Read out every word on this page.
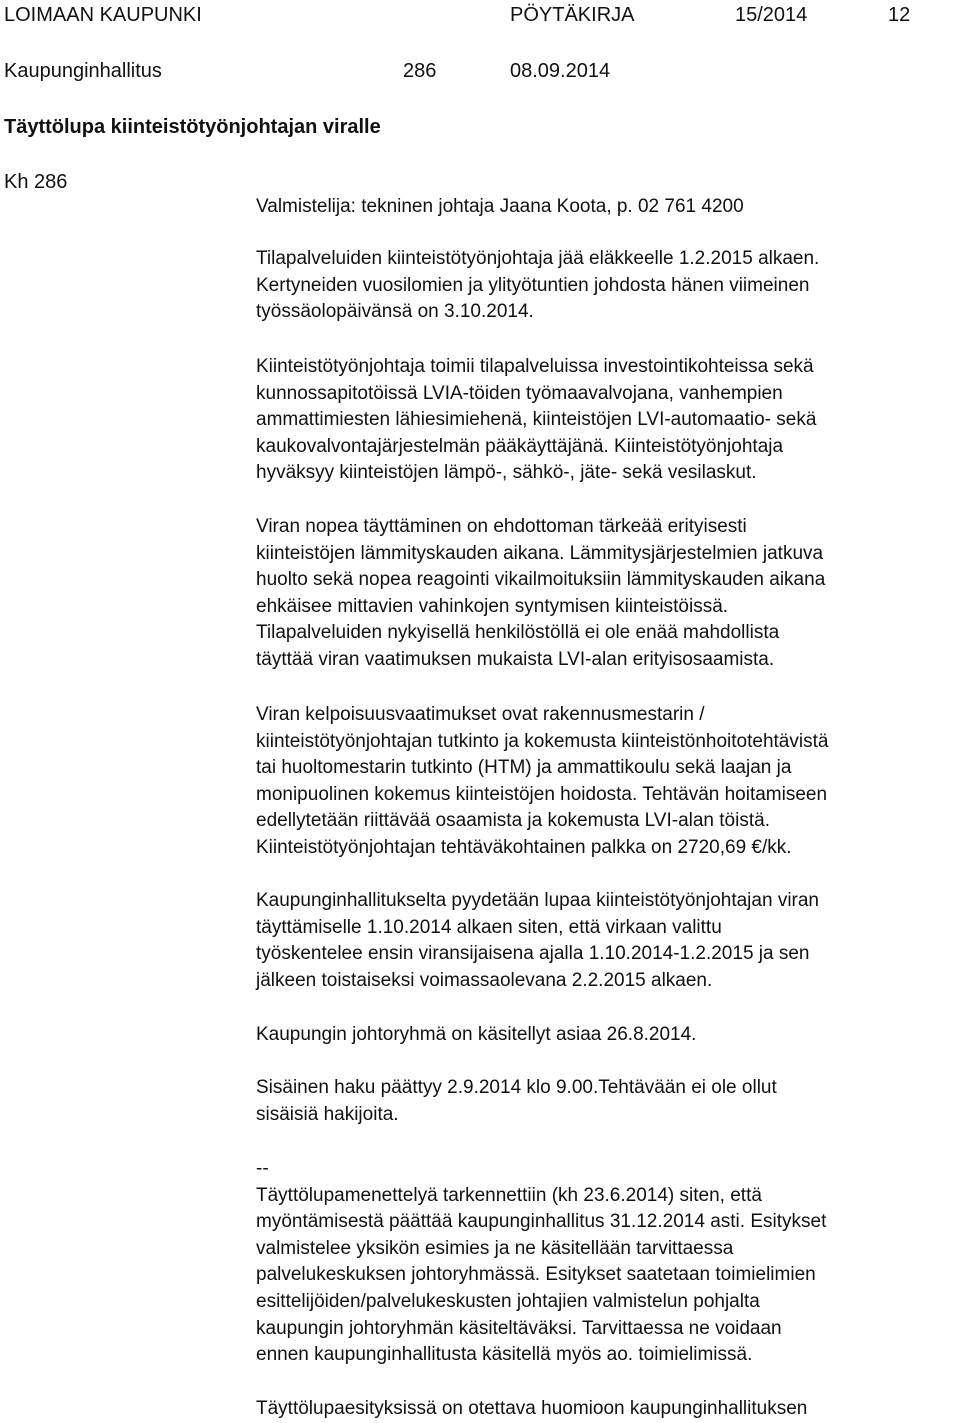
LOIMAAN KAUPUNKI	PÖYTÄKIRJA	15/2014	12
Kaupunginhallitus	286	08.09.2014
Täyttölupa kiinteistötyönjohtajan viralle
Kh 286
Valmistelija: tekninen johtaja Jaana Koota, p. 02 761 4200
Tilapalveluiden kiinteistötyönjohtaja jää eläkkeelle 1.2.2015 alkaen.
Kertyneiden vuosilomien ja ylityötuntien johdosta hänen viimeinen
työssäolopäivänsä on 3.10.2014.
Kiinteistötyönjohtaja toimii tilapalveluissa investointikohteissa sekä
kunnossapitotöissä LVIA-töiden työmaavalvojana, vanhempien
ammattimiesten lähiesimiehenä, kiinteistöjen LVI-automaatio- sekä
kaukovalvontajärjestelmän pääkäyttäjänä. Kiinteistötyönjohtaja
hyväksyy kiinteistöjen lämpö-, sähkö-, jäte- sekä vesilaskut.
Viran nopea täyttäminen on ehdottoman tärkeää erityisesti
kiinteistöjen lämmityskauden aikana. Lämmitysjärjestelmien jatkuva
huolto sekä nopea reagointi vikailmoituksiin lämmityskauden aikana
ehkäisee mittavien vahinkojen syntymisen kiinteistöissä.
Tilapalveluiden nykyisellä henkilöstöllä ei ole enää mahdollista
täyttää viran vaatimuksen mukaista LVI-alan erityisosaamista.
Viran kelpoisuusvaatimukset ovat rakennusmestarin /
kiinteistötyönjohtajan tutkinto ja kokemusta kiinteistönhoitotehtävistä
tai huoltomestarin tutkinto (HTM) ja ammattikoulu sekä laajan ja
monipuolinen kokemus kiinteistöjen hoidosta. Tehtävän hoitamiseen
edellytetään riittävää osaamista ja kokemusta LVI-alan töistä.
Kiinteistötyönjohtajan tehtäväkohtainen palkka on 2720,69 €/kk.
Kaupunginhallitukselta pyydetään lupaa kiinteistötyönjohtajan viran
täyttämiselle 1.10.2014 alkaen siten, että virkaan valittu
työskentelee ensin viransijaisena ajalla 1.10.2014-1.2.2015 ja sen
jälkeen toistaiseksi voimassaolevana 2.2.2015 alkaen.
Kaupungin johtoryhmä on käsitellyt asiaa 26.8.2014.
Sisäinen haku päättyy 2.9.2014 klo 9.00.Tehtävään ei ole ollut
sisäisiä hakijoita.
--
Täyttölupamenettelyä tarkennettiin (kh 23.6.2014) siten, että
myöntämisestä päättää kaupunginhallitus 31.12.2014 asti. Esitykset
valmistelee yksikön esimies ja ne käsitellään tarvittaessa
palvelukeskuksen johtoryhmässä. Esitykset saatetaan toimielimien
esittelijöiden/palvelukeskusten johtajien valmistelun pohjalta
kaupungin johtoryhmän käsiteltäväksi. Tarvittaessa ne voidaan
ennen kaupunginhallitusta käsitellä myös ao. toimielimissä.
Täyttölupaesityksissä on otettava huomioon kaupunginhallituksen
